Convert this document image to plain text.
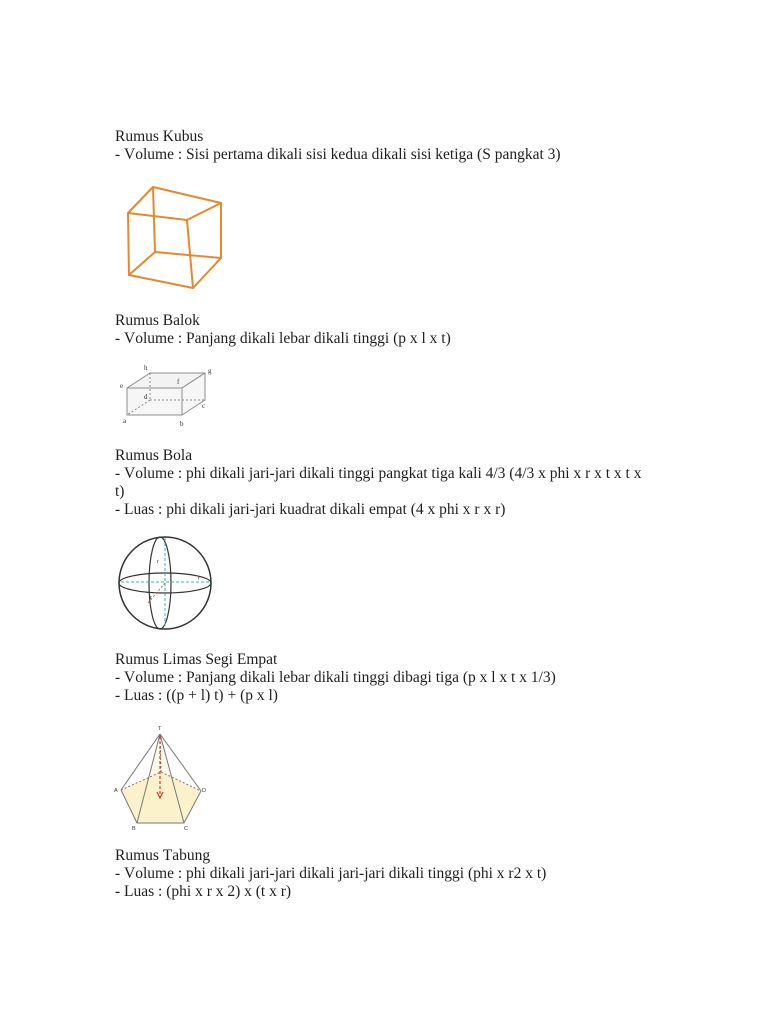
Rumus Kubus
- Volume : Sisi pertama dikali sisi kedua dikali sisi ketiga (S pangkat 3)
Rumus Balok
- Volume : Panjang dikali lebar dikali tinggi (p x l x t)
h	g
e	f
d
c
a	b
Rumus Bola
- Volume : phi dikali jari-jari dikali tinggi pangkat tiga kali 4/3 (4/3 x phi x r x t x t x t)
- Luas : phi dikali jari-jari kuadrat dikali empat (4 x phi x r x r)
r
r
r
Rumus Limas Segi Empat
- Volume : Panjang dikali lebar dikali tinggi dibagi tiga (p x l x t x 1/3)
- Luas : ((p + l) t) + (p x l)
T
A
B	C
D
Rumus Tabung
- Volume : phi dikali jari-jari dikali jari-jari dikali tinggi (phi x r2 x t)
- Luas : (phi x r x 2) x (t x r)
